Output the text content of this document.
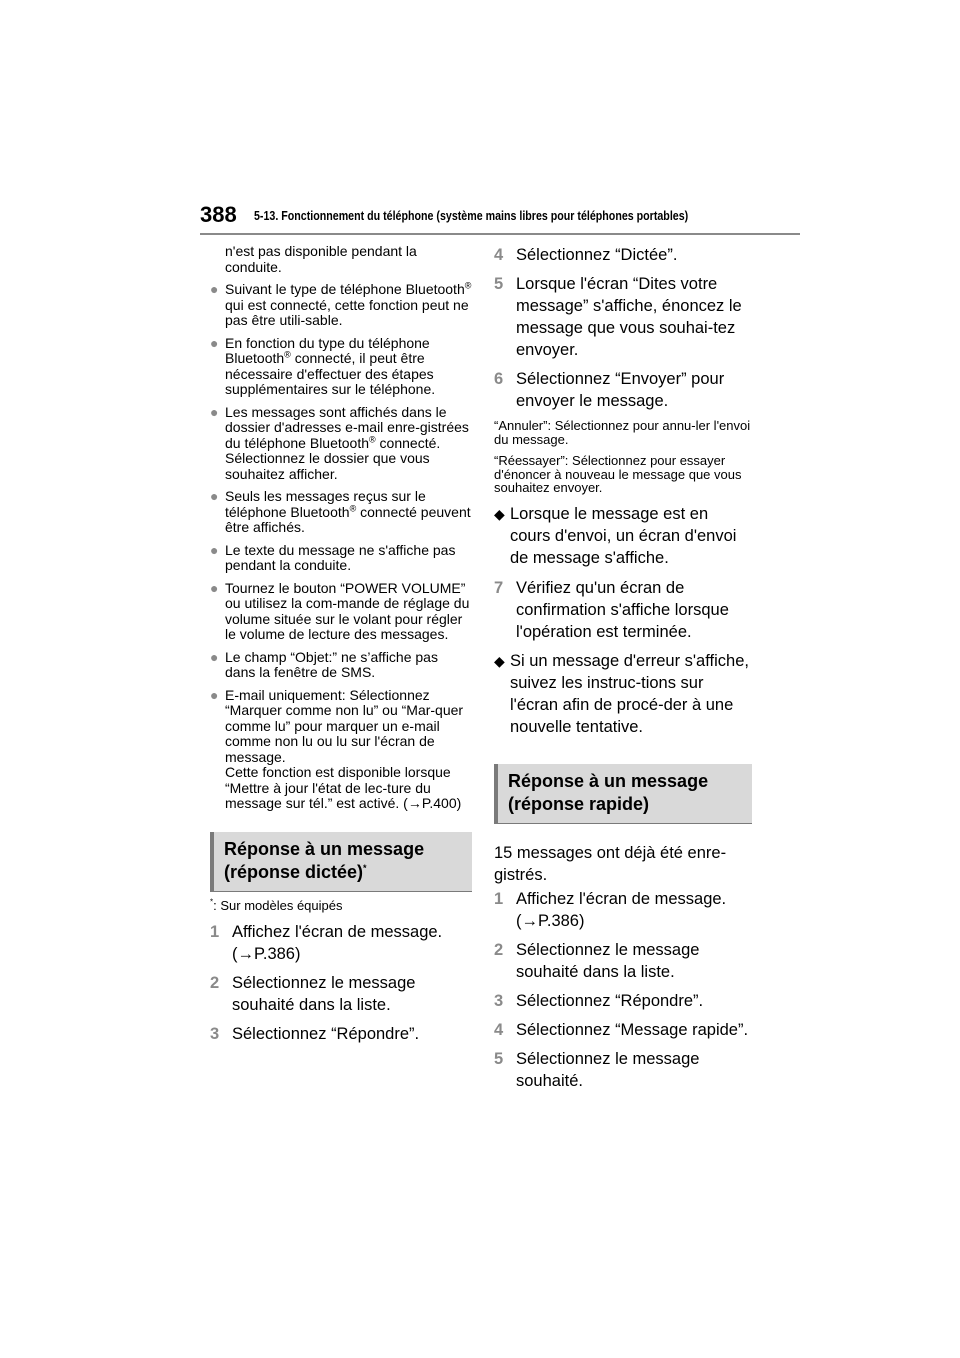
388 5-13. Fonctionnement du téléphone (système mains libres pour téléphones portables)

n'est pas disponible pendant la conduite.

● Suivant le type de téléphone Bluetooth® qui est connecté, cette fonction peut ne pas être utili-sable.

● En fonction du type du téléphone Bluetooth® connecté, il peut être nécessaire d'effectuer des étapes supplémentaires sur le téléphone.

● Les messages sont affichés dans le dossier d'adresses e-mail enre-gistrées du téléphone Bluetooth® connecté. Sélectionnez le dossier que vous souhaitez afficher.

● Seuls les messages reçus sur le téléphone Bluetooth® connecté peuvent être affichés.

● Le texte du message ne s'affiche pas pendant la conduite.

● Tournez le bouton “POWER VOLUME” ou utilisez la com-mande de réglage du volume située sur le volant pour régler le volume de lecture des messages.

● Le champ “Objet:” ne s’affiche pas dans la fenêtre de SMS.

● E-mail uniquement: Sélectionnez “Marquer comme non lu” ou “Mar-quer comme lu” pour marquer un e-mail comme non lu ou lu sur l'écran de message.

Cette fonction est disponible lorsque “Mettre à jour l'état de lec-ture du message sur tél.” est activé. (→P.400)

Réponse à un message (réponse dictée)*

*: Sur modèles équipés

1 Affichez l'écran de message. (→P.386)

2 Sélectionnez le message souhaité dans la liste.

3 Sélectionnez “Répondre”.

4 Sélectionnez “Dictée”.

5 Lorsque l'écran “Dites votre message” s'affiche, énoncez le message que vous souhai-tez envoyer.

6 Sélectionnez “Envoyer” pour envoyer le message.

“Annuler”: Sélectionnez pour annu-ler l'envoi du message.

“Réessayer”: Sélectionnez pour essayer d'énoncer à nouveau le message que vous souhaitez envoyer.

◆ Lorsque le message est en cours d'envoi, un écran d'envoi de message s'affiche.

7 Vérifiez qu'un écran de confirmation s'affiche lorsque l'opération est terminée.

◆ Si un message d'erreur s'affiche, suivez les instruc-tions sur l'écran afin de procé-der à une nouvelle tentative.

Réponse à un message (réponse rapide)

15 messages ont déjà été enre-gistrés.

1 Affichez l'écran de message. (→P.386)

2 Sélectionnez le message souhaité dans la liste.

3 Sélectionnez “Répondre”.

4 Sélectionnez “Message rapide”.

5 Sélectionnez le message souhaité.
